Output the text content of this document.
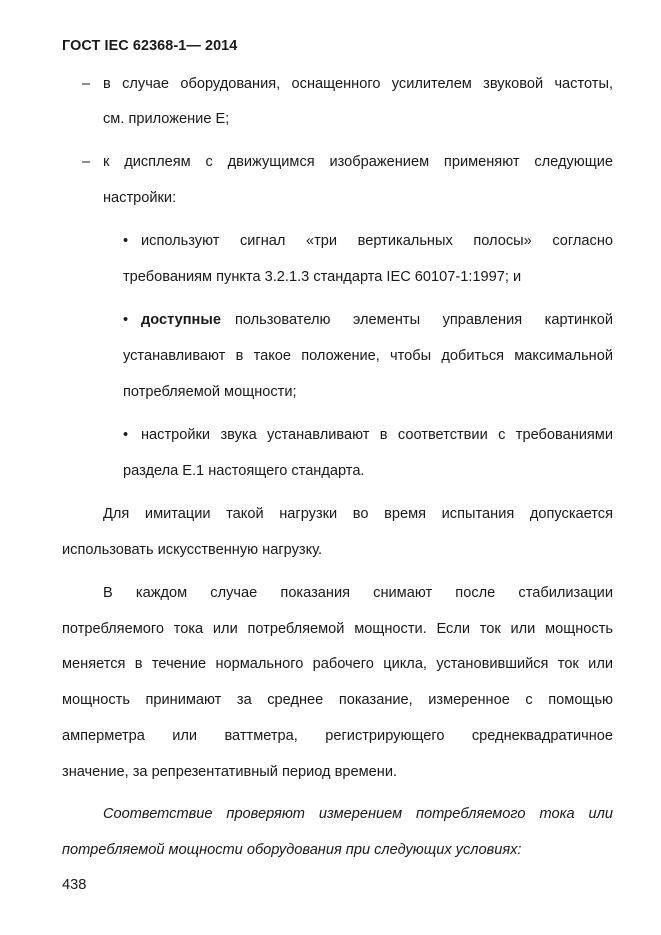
ГОСТ IEC 62368-1— 2014
– в случае оборудования, оснащенного усилителем звуковой частоты,
см. приложение Е;
– к дисплеям с движущимся изображением применяют следующие
настройки:
• используют сигнал «три вертикальных полосы» согласно
требованиям пункта 3.2.1.3 стандарта IEC 60107-1:1997; и
• доступные пользователю элементы управления картинкой
устанавливают в такое положение, чтобы добиться максимальной
потребляемой мощности;
• настройки звука устанавливают в соответствии с требованиями
раздела Е.1 настоящего стандарта.
Для имитации такой нагрузки во время испытания допускается
использовать искусственную нагрузку.
В каждом случае показания снимают после стабилизации
потребляемого тока или потребляемой мощности. Если ток или мощность
меняется в течение нормального рабочего цикла, установившийся ток или
мощность принимают за среднее показание, измеренное с помощью
амперметра или ваттметра, регистрирующего среднеквадратичное
значение, за репрезентативный период времени.
Соответствие проверяют измерением потребляемого тока или
потребляемой мощности оборудования при следующих условиях:
438
